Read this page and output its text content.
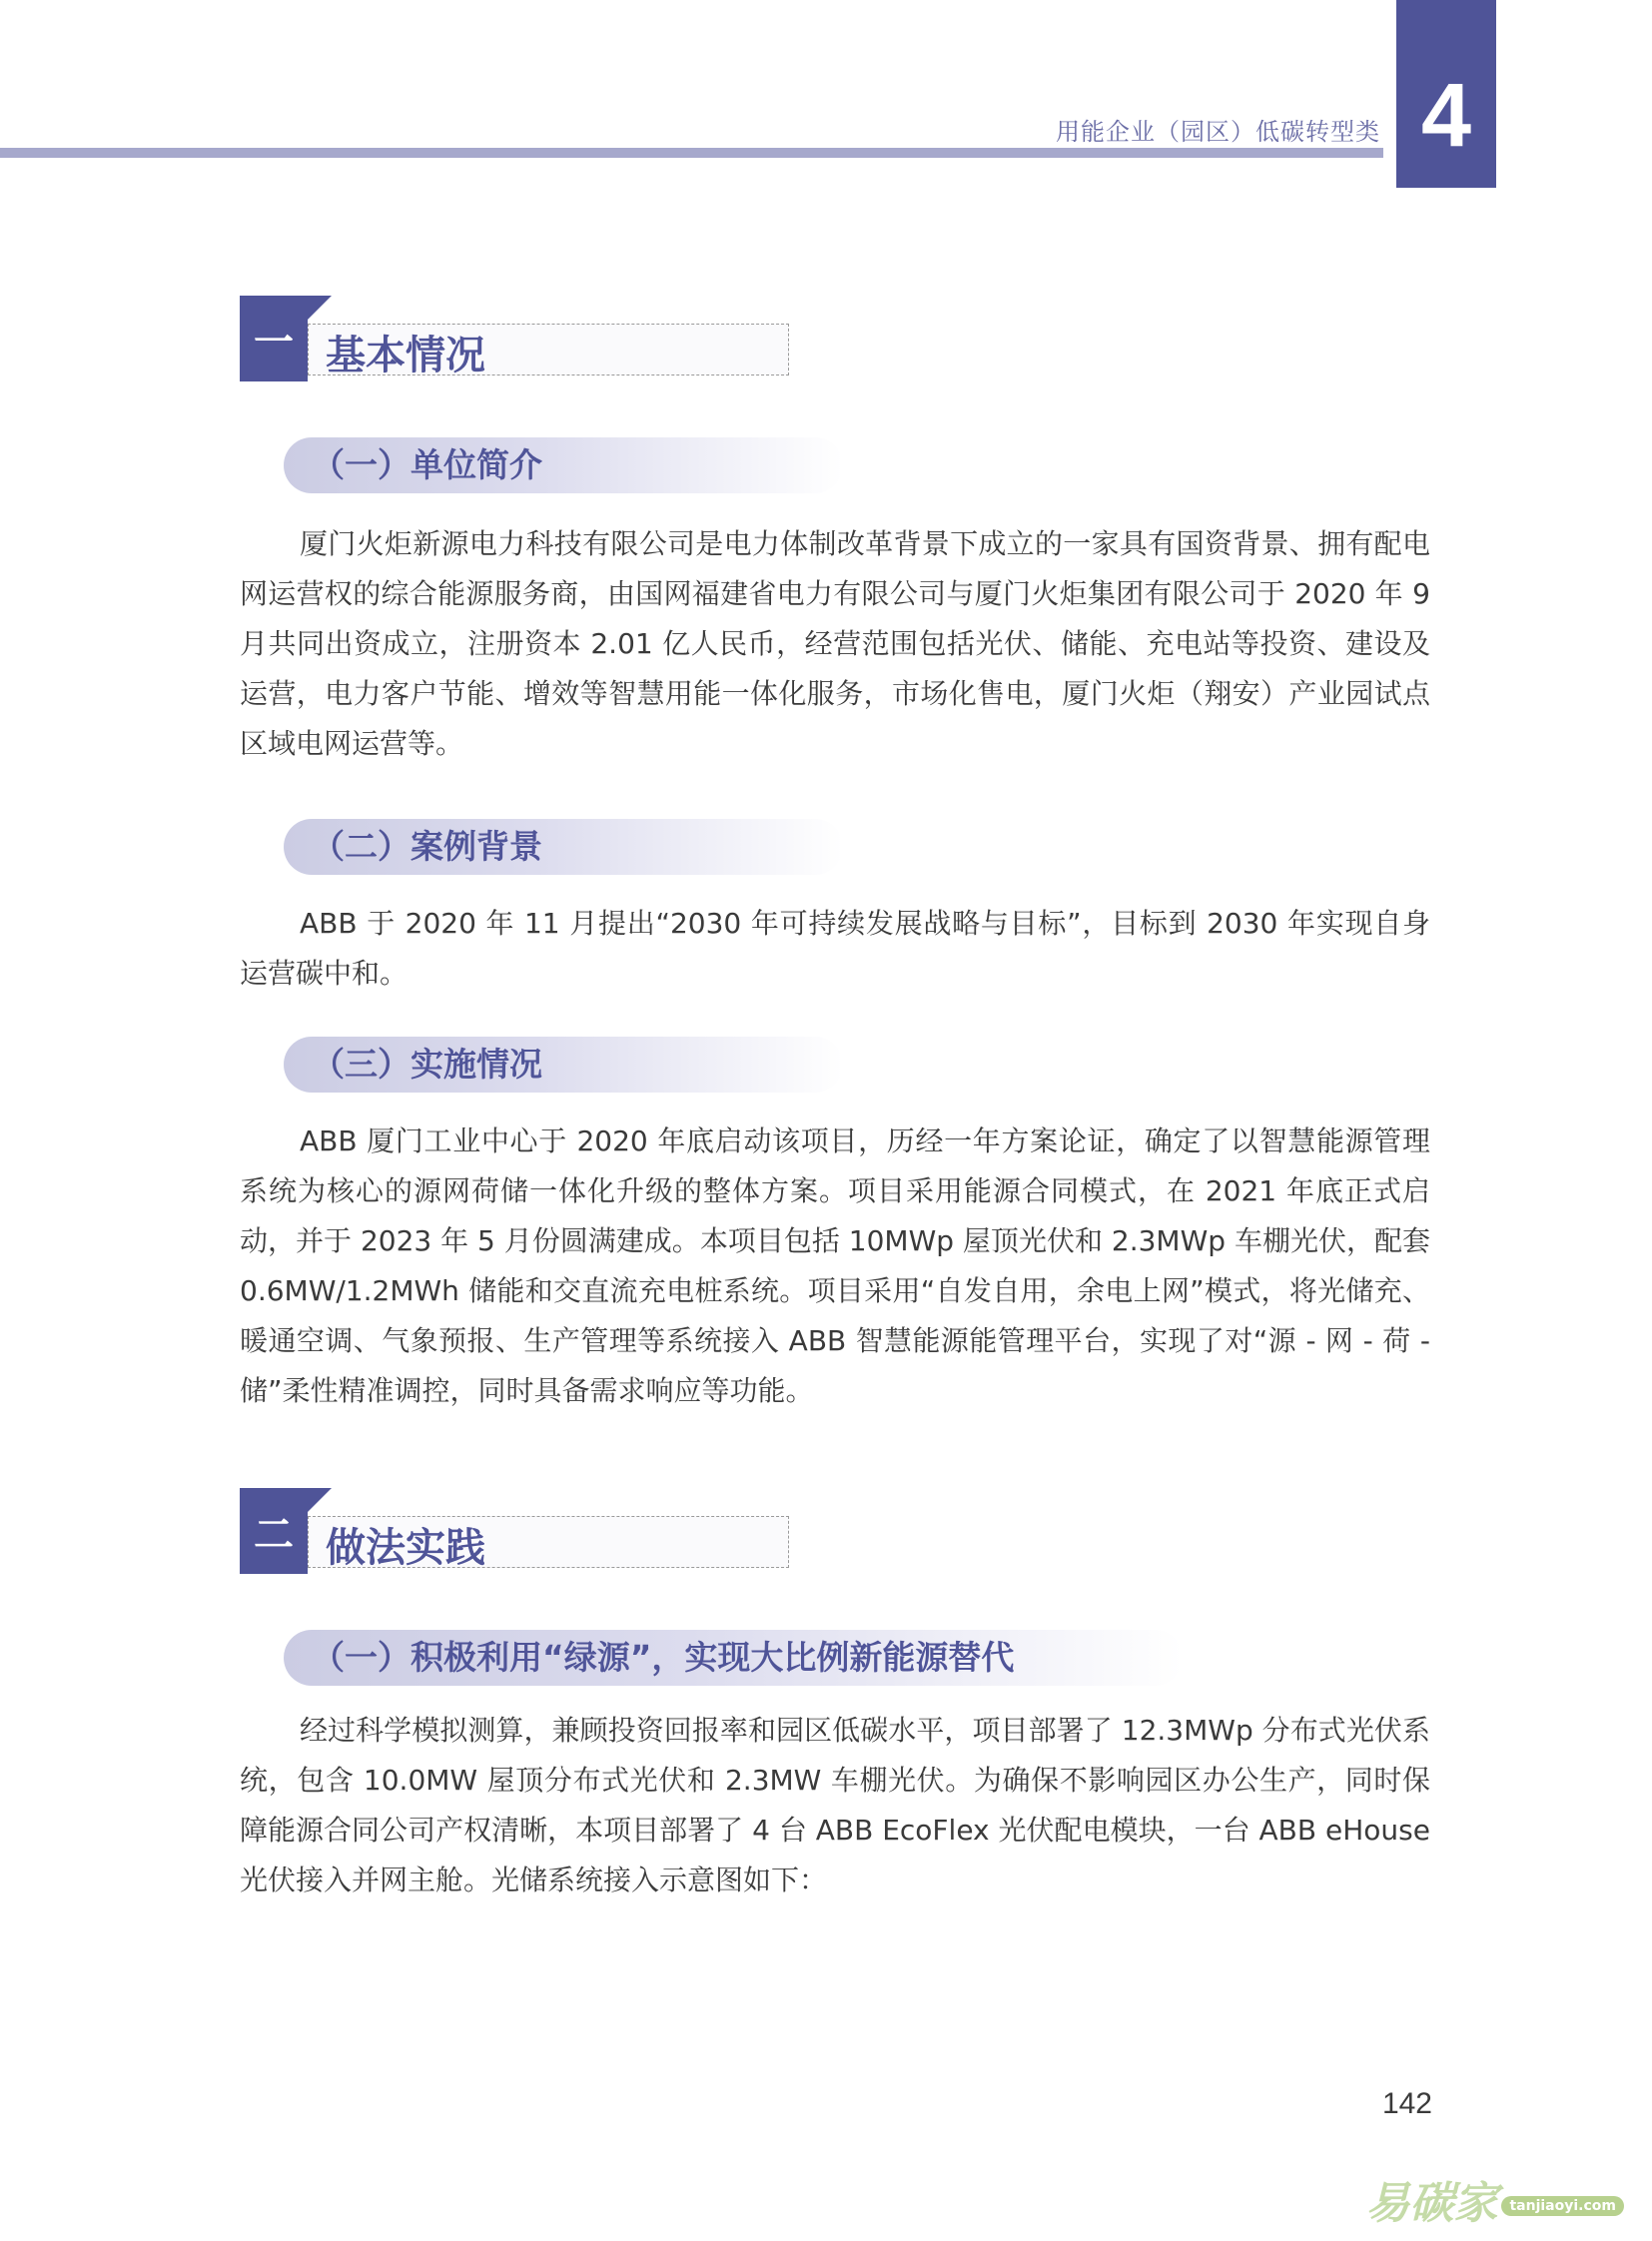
用能企业（园区）低碳转型类 4
一 基本情况
（一）单位简介

厦门火炬新源电力科技有限公司是电力体制改革背景下成立的一家具有国资背景、拥有配电网运营权的综合能源服务商，由国网福建省电力有限公司与厦门火炬集团有限公司于 2020 年 9 月共同出资成立，注册资本 2.01 亿人民币，经营范围包括光伏、储能、充电站等投资、建设及运营，电力客户节能、增效等智慧用能一体化服务，市场化售电，厦门火炬（翔安）产业园试点区域电网运营等。

（二）案例背景

ABB 于 2020 年 11 月提出“2030 年可持续发展战略与目标”，目标到 2030 年实现自身运营碳中和。

（三）实施情况

ABB 厦门工业中心于 2020 年底启动该项目，历经一年方案论证，确定了以智慧能源管理系统为核心的源网荷储一体化升级的整体方案。项目采用能源合同模式，在 2021 年底正式启动，并于 2023 年 5 月份圆满建成。本项目包括 10MWp 屋顶光伏和 2.3MWp 车棚光伏，配套 0.6MW/1.2MWh 储能和交直流充电桩系统。项目采用“自发自用，余电上网”模式，将光储充、暖通空调、气象预报、生产管理等系统接入 ABB 智慧能源能管理平台，实现了对“源 - 网 - 荷 - 储”柔性精准调控，同时具备需求响应等功能。

二 做法实践
（一）积极利用“绿源”，实现大比例新能源替代

经过科学模拟测算，兼顾投资回报率和园区低碳水平，项目部署了 12.3MWp 分布式光伏系统，包含 10.0MW 屋顶分布式光伏和 2.3MW 车棚光伏。为确保不影响园区办公生产，同时保障能源合同公司产权清晰，本项目部署了 4 台 ABB EcoFlex 光伏配电模块，一台 ABB eHouse 光伏接入并网主舱。光储系统接入示意图如下：

142
易碳家 tanjiaoyi.com
